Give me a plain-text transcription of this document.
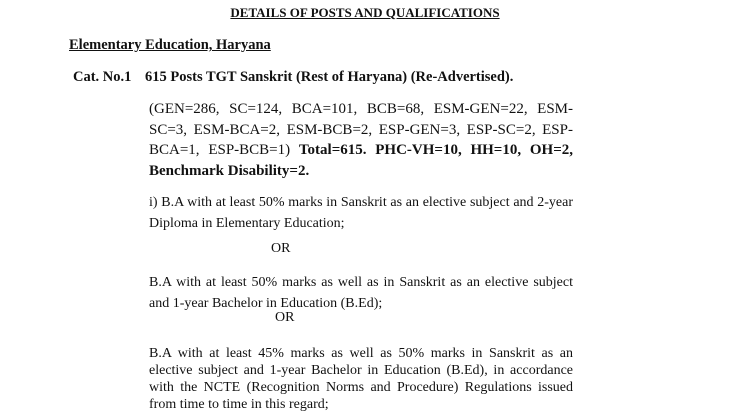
DETAILS OF POSTS AND QUALIFICATIONS
Elementary Education, Haryana
Cat. No.1 615 Posts TGT Sanskrit (Rest of Haryana) (Re-Advertised).
(GEN=286, SC=124, BCA=101, BCB=68, ESM-GEN=22, ESM-SC=3, ESM-BCA=2, ESM-BCB=2, ESP-GEN=3, ESP-SC=2, ESP-BCA=1, ESP-BCB=1) Total=615. PHC-VH=10, HH=10, OH=2, Benchmark Disability=2.
i) B.A with at least 50% marks in Sanskrit as an elective subject and 2-year Diploma in Elementary Education;
OR
B.A with at least 50% marks as well as in Sanskrit as an elective subject and 1-year Bachelor in Education (B.Ed);
OR
B.A with at least 45% marks as well as 50% marks in Sanskrit as an elective subject and 1-year Bachelor in Education (B.Ed), in accordance with the NCTE (Recognition Norms and Procedure) Regulations issued from time to time in this regard;
